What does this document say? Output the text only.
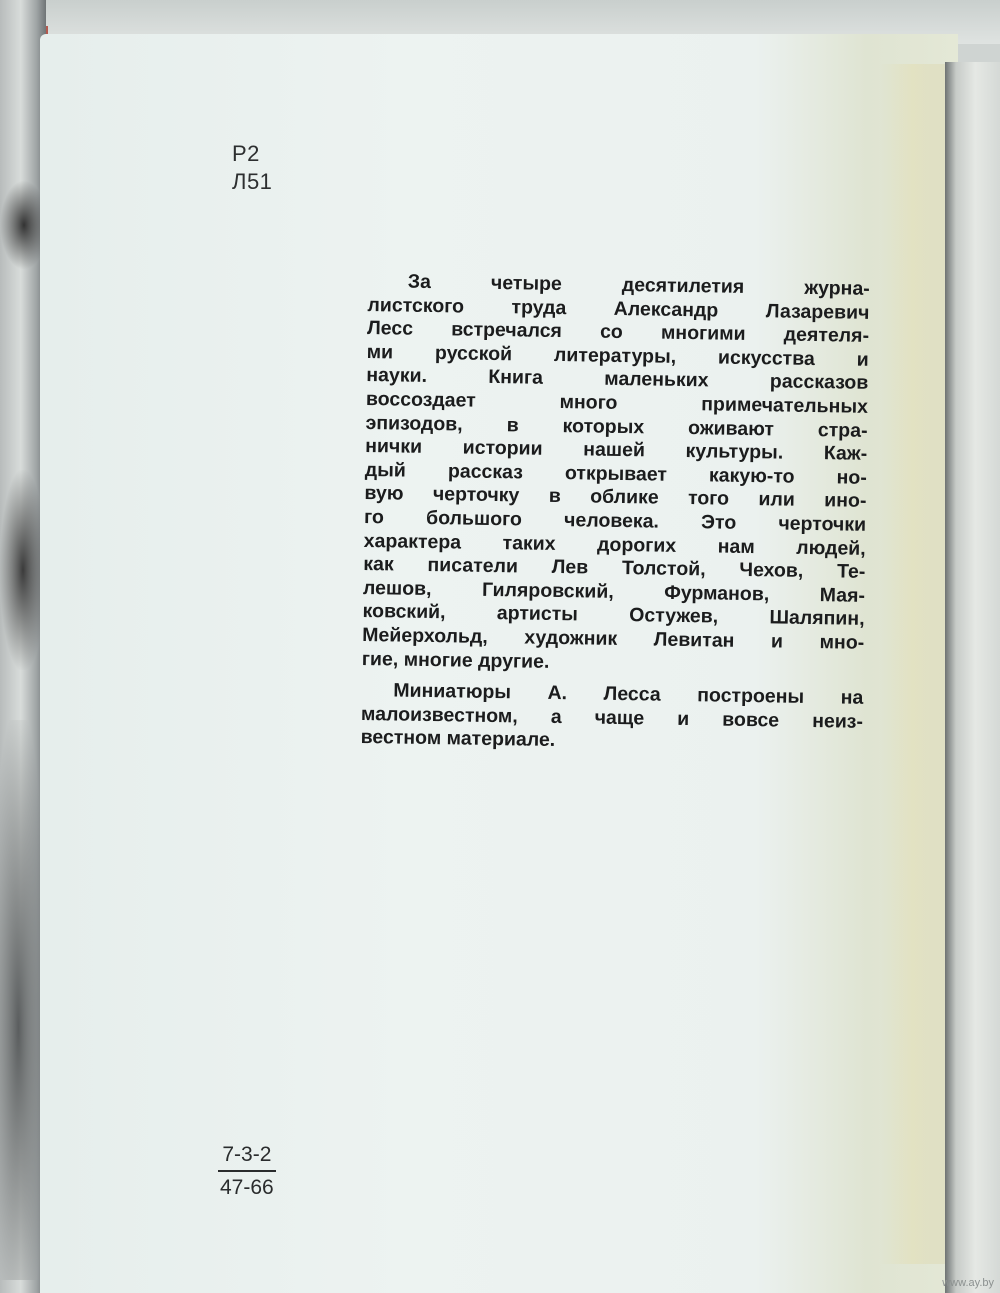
Р2
Л51
За четыре десятилетия журна-
листского труда Александр Лазаревич
Лесс встречался со многими деятеля-
ми русской литературы, искусства и
науки. Книга маленьких рассказов
воссоздает много примечательных
эпизодов, в которых оживают стра-
нички истории нашей культуры. Каж-
дый рассказ открывает какую-то но-
вую черточку в облике того или ино-
го большого человека. Это черточки
характера таких дорогих нам людей,
как писатели Лев Толстой, Чехов, Те-
лешов, Гиляровский, Фурманов, Мая-
ковский, артисты Остужев, Шаляпин,
Мейерхольд, художник Левитан и мно-
гие, многие другие.
Миниатюры А. Лесса построены на
малоизвестном, а чаще и вовсе неиз-
вестном материале.
7-3-2
47-66
www.ay.by
